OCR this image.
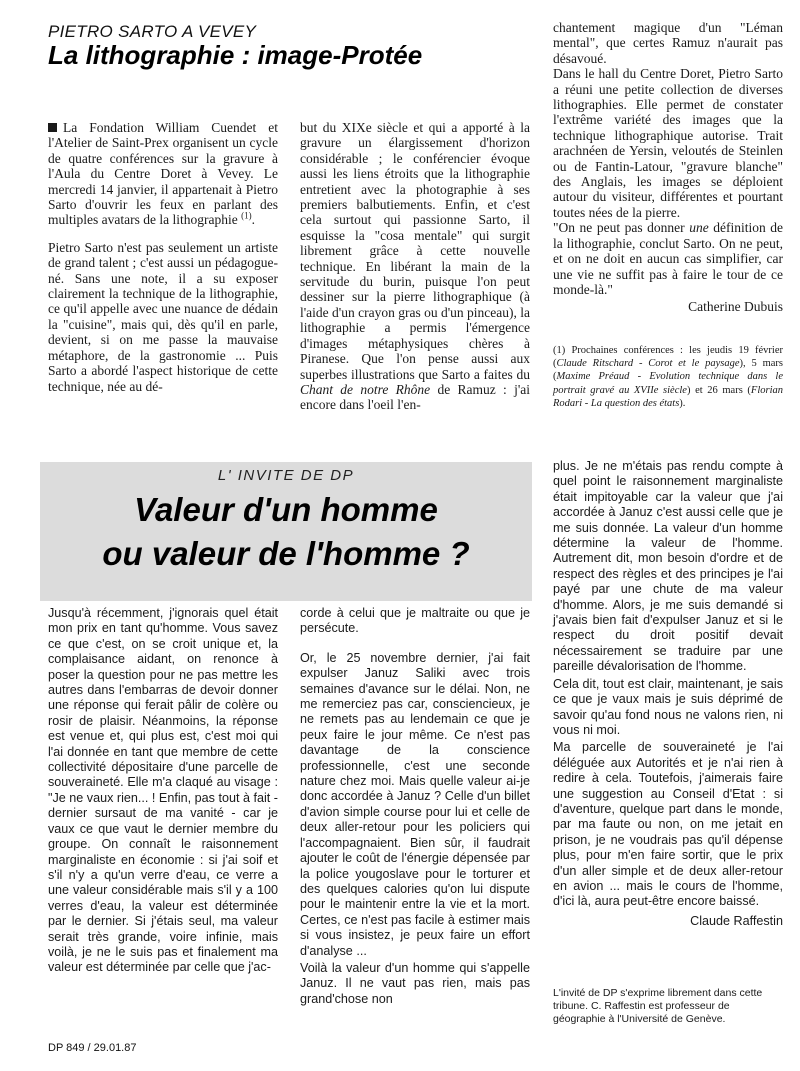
PIETRO SARTO A VEVEY
La lithographie : image-Protée

La Fondation William Cuendet et l'Atelier de Saint-Prex organisent un cycle de quatre conférences sur la gravure à l'Aula du Centre Doret à Vevey. Le mercredi 14 janvier, il appartenait à Pietro Sarto d'ouvrir les feux en parlant des multiples avatars de la lithographie $^{(1)}$.

Pietro Sarto n'est pas seulement un artiste de grand talent ; c'est aussi un pédagogue-né. Sans une note, il a su exposer clairement la technique de la lithographie, ce qu'il appelle avec une nuance de dédain la "cuisine", mais qui, dès qu'il en parle, devient, si on me passe la mauvaise métaphore, de la gastronomie ... Puis Sarto a abordé l'aspect historique de cette technique, née au dé-

but du XIXe siècle et qui a apporté à la gravure un élargissement d'horizon considérable ; le conférencier évoque aussi les liens étroits que la lithographie entretient avec la photographie à ses premiers balbutiements. Enfin, et c'est cela surtout qui passionne Sarto, il esquisse la "cosa mentale" qui surgit librement grâce à cette nouvelle technique. En libérant la main de la servitude du burin, puisque l'on peut dessiner sur la pierre lithographique (à l'aide d'un crayon gras ou d'un pinceau), la lithographie a permis l'émergence d'images métaphysiques chères à Piranese. Que l'on pense aussi aux superbes illustrations que Sarto a faites du Chant de notre Rhône de Ramuz : j'ai encore dans l'oeil l'en-

chantement magique d'un "Léman mental", que certes Ramuz n'aurait pas désavoué.

Dans le hall du Centre Doret, Pietro Sarto a réuni une petite collection de diverses lithographies. Elle permet de constater l'extrême variété des images que la technique lithographique autorise. Trait arachnéen de Yersin, veloutés de Steinlen ou de Fantin-Latour, "gravure blanche" des Anglais, les images se déploient autour du visiteur, différentes et pourtant toutes nées de la pierre.

"On ne peut pas donner une définition de la lithographie, conclut Sarto. On ne peut, et on ne doit en aucun cas simplifier, car une vie ne suffit pas à faire le tour de ce monde-là."

Catherine Dubuis
(1) Prochaines conférences : les jeudis 19 février (Claude Ritschard - Corot et le paysage), 5 mars (Maxime Préaud - Evolution technique dans le portrait gravé au XVIIe siècle) et 26 mars (Florian Rodari - La question des états).
L' INVITE DE DP
Valeur d'un homme
ou valeur de l'homme ?

Jusqu'à récemment, j'ignorais quel était mon prix en tant qu'homme. Vous savez ce que c'est, on se croit unique et, la complaisance aidant, on renonce à poser la question pour ne pas mettre les autres dans l'embarras de devoir donner une réponse qui ferait pâlir de colère ou rosir de plaisir. Néanmoins, la réponse est venue et, qui plus est, c'est moi qui l'ai donnée en tant que membre de cette collectivité dépositaire d'une parcelle de souveraineté. Elle m'a claqué au visage : "Je ne vaux rien... ! Enfin, pas tout à fait - dernier sursaut de ma vanité - car je vaux ce que vaut le dernier membre du groupe. On connaît le raisonnement marginaliste en économie : si j'ai soif et s'il n'y a qu'un verre d'eau, ce verre a une valeur considérable mais s'il y a 100 verres d'eau, la valeur est déterminée par le dernier. Si j'étais seul, ma valeur serait très grande, voire infinie, mais voilà, je ne le suis pas et finalement ma valeur est déterminée par celle que j'ac-

corde à celui que je maltraite ou que je persécute.

Or, le 25 novembre dernier, j'ai fait expulser Januz Saliki avec trois semaines d'avance sur le délai. Non, ne me remerciez pas car, consciencieux, je ne remets pas au lendemain ce que je peux faire le jour même. Ce n'est pas davantage de la conscience professionnelle, c'est une seconde nature chez moi. Mais quelle valeur ai-je donc accordée à Januz ? Celle d'un billet d'avion simple course pour lui et celle de deux aller-retour pour les policiers qui l'accompagnaient. Bien sûr, il faudrait ajouter le coût de l'énergie dépensée par la police yougoslave pour le torturer et des quelques calories qu'on lui dispute pour le maintenir entre la vie et la mort. Certes, ce n'est pas facile à estimer mais si vous insistez, je peux faire un effort d'analyse ...

Voilà la valeur d'un homme qui s'appelle Januz. Il ne vaut pas rien, mais pas grand'chose non

plus. Je ne m'étais pas rendu compte à quel point le raisonnement marginaliste était impitoyable car la valeur que j'ai accordée à Januz c'est aussi celle que je me suis donnée. La valeur d'un homme détermine la valeur de l'homme. Autrement dit, mon besoin d'ordre et de respect des règles et des principes je l'ai payé par une chute de ma valeur d'homme. Alors, je me suis demandé si j'avais bien fait d'expulser Januz et si le respect du droit positif devait nécessairement se traduire par une pareille dévalorisation de l'homme.

Cela dit, tout est clair, maintenant, je sais ce que je vaux mais je suis déprimé de savoir qu'au fond nous ne valons rien, ni vous ni moi.

Ma parcelle de souveraineté je l'ai déléguée aux Autorités et je n'ai rien à redire à cela. Toutefois, j'aimerais faire une suggestion au Conseil d'Etat : si d'aventure, quelque part dans le monde, par ma faute ou non, on me jetait en prison, je ne voudrais pas qu'il dépense plus, pour m'en faire sortir, que le prix d'un aller simple et de deux aller-retour en avion ... mais le cours de l'homme, d'ici là, aura peut-être encore baissé.

Claude Raffestin
L'invité de DP s'exprime librement dans cette tribune. C. Raffestin est professeur de géographie à l'Université de Genève.
DP 849 / 29.01.87
